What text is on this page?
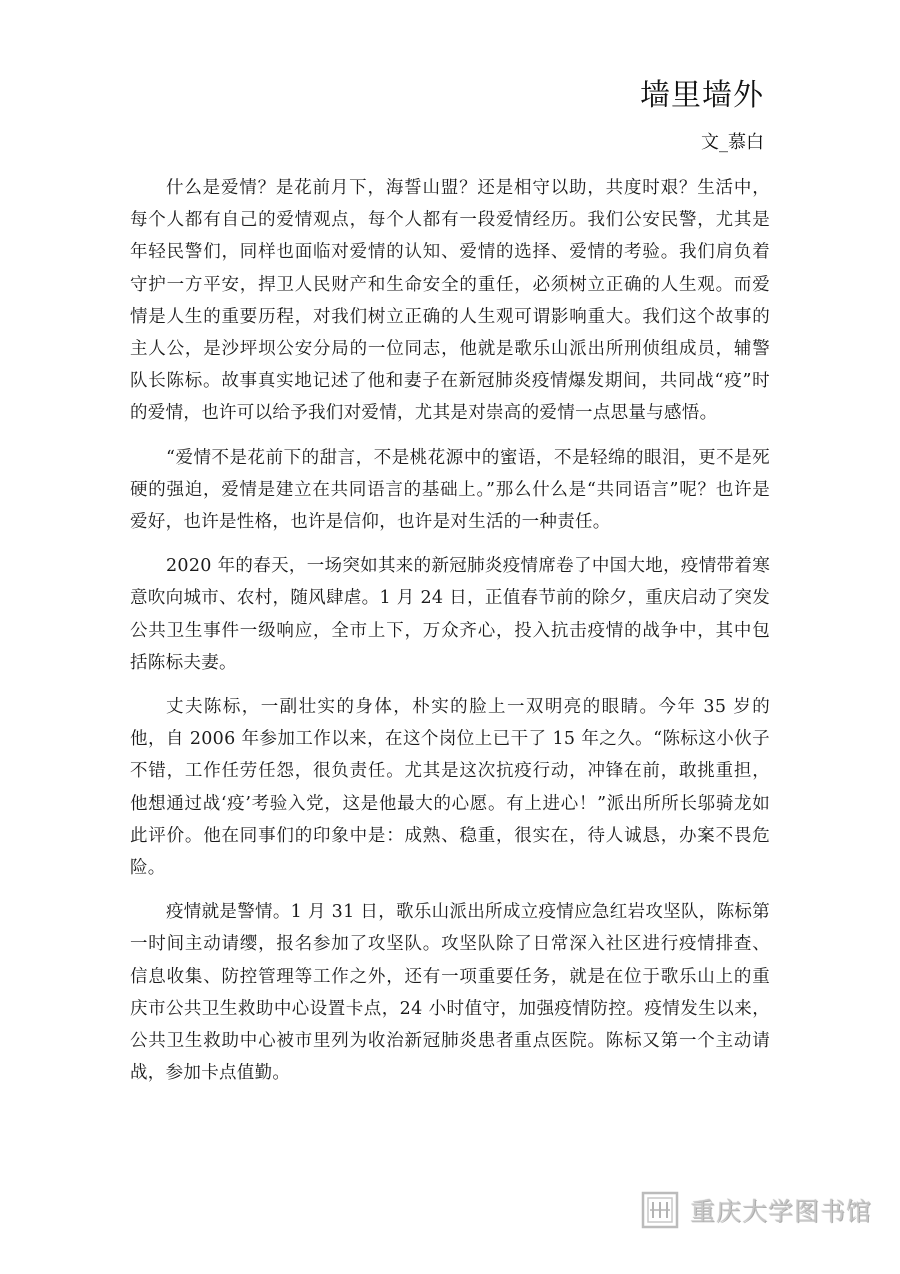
墙里墙外

文_慕白

什么是爱情？是花前月下，海誓山盟？还是相守以助，共度时艰？生活中，每个人都有自己的爱情观点，每个人都有一段爱情经历。我们公安民警，尤其是年轻民警们，同样也面临对爱情的认知、爱情的选择、爱情的考验。我们肩负着守护一方平安，捍卫人民财产和生命安全的重任，必须树立正确的人生观。而爱情是人生的重要历程，对我们树立正确的人生观可谓影响重大。我们这个故事的主人公，是沙坪坝公安分局的一位同志，他就是歌乐山派出所刑侦组成员，辅警队长陈标。故事真实地记述了他和妻子在新冠肺炎疫情爆发期间，共同战“疫”时的爱情，也许可以给予我们对爱情，尤其是对崇高的爱情一点思量与感悟。

“爱情不是花前下的甜言，不是桃花源中的蜜语，不是轻绵的眼泪，更不是死硬的强迫，爱情是建立在共同语言的基础上。”那么什么是“共同语言”呢？也许是爱好，也许是性格，也许是信仰，也许是对生活的一种责任。

2020 年的春天，一场突如其来的新冠肺炎疫情席卷了中国大地，疫情带着寒意吹向城市、农村，随风肆虐。1 月 24 日，正值春节前的除夕，重庆启动了突发公共卫生事件一级响应，全市上下，万众齐心，投入抗击疫情的战争中，其中包括陈标夫妻。

丈夫陈标，一副壮实的身体，朴实的脸上一双明亮的眼睛。今年 35 岁的他，自 2006 年参加工作以来，在这个岗位上已干了 15 年之久。“陈标这小伙子不错，工作任劳任怨，很负责任。尤其是这次抗疫行动，冲锋在前，敢挑重担，他想通过战‘疫’考验入党，这是他最大的心愿。有上进心！”派出所所长邬骑龙如此评价。他在同事们的印象中是：成熟、稳重，很实在，待人诚恳，办案不畏危险。

疫情就是警情。1 月 31 日，歌乐山派出所成立疫情应急红岩攻坚队，陈标第一时间主动请缨，报名参加了攻坚队。攻坚队除了日常深入社区进行疫情排查、信息收集、防控管理等工作之外，还有一项重要任务，就是在位于歌乐山上的重庆市公共卫生救助中心设置卡点，24 小时值守，加强疫情防控。疫情发生以来，公共卫生救助中心被市里列为收治新冠肺炎患者重点医院。陈标又第一个主动请战，参加卡点值勤。

重庆大学图书馆
